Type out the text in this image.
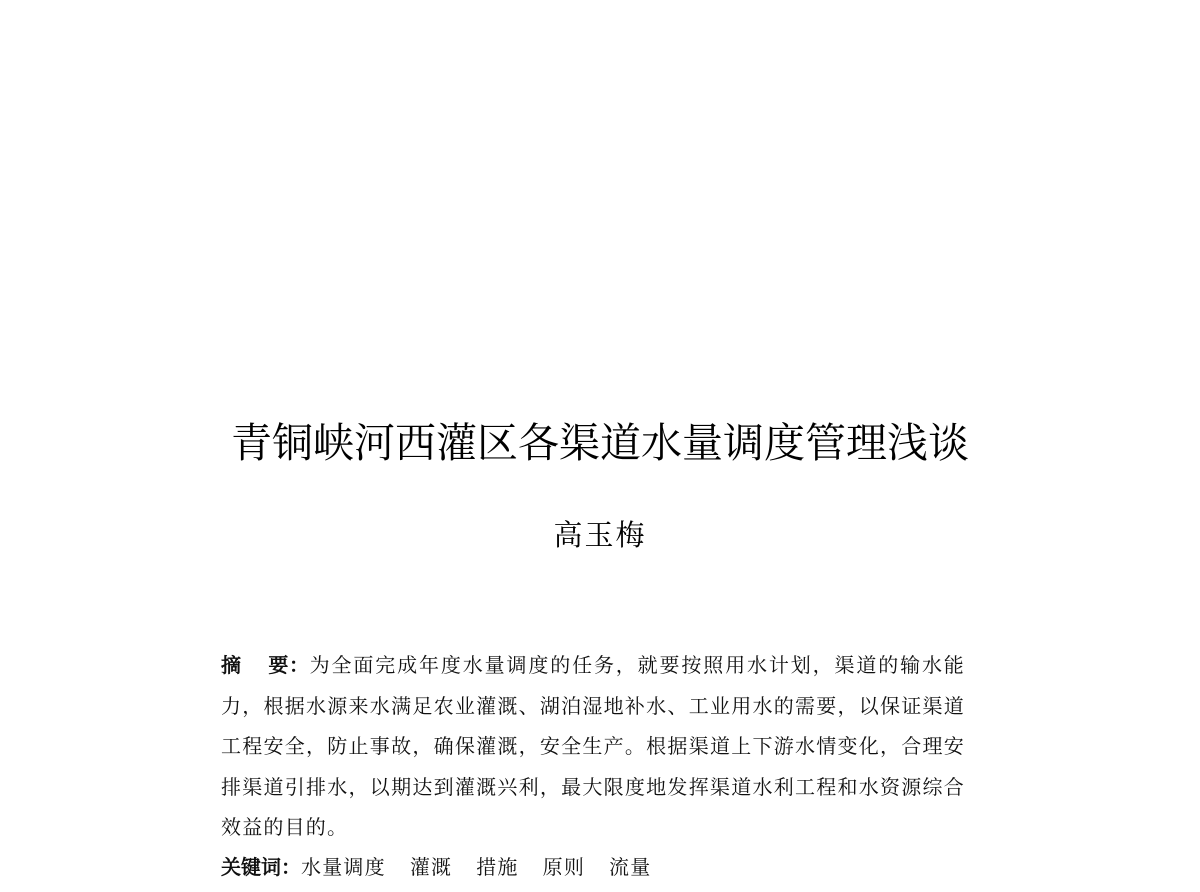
青铜峡河西灌区各渠道水量调度管理浅谈
高玉梅
摘 要：为全面完成年度水量调度的任务，就要按照用水计划，渠道的输水能力，根据水源来水满足农业灌溉、湖泊湿地补水、工业用水的需要，以保证渠道工程安全，防止事故，确保灌溉，安全生产。根据渠道上下游水情变化，合理安排渠道引排水，以期达到灌溉兴利，最大限度地发挥渠道水利工程和水资源综合效益的目的。
关键词：水量调度 灌溉 措施 原则 流量
